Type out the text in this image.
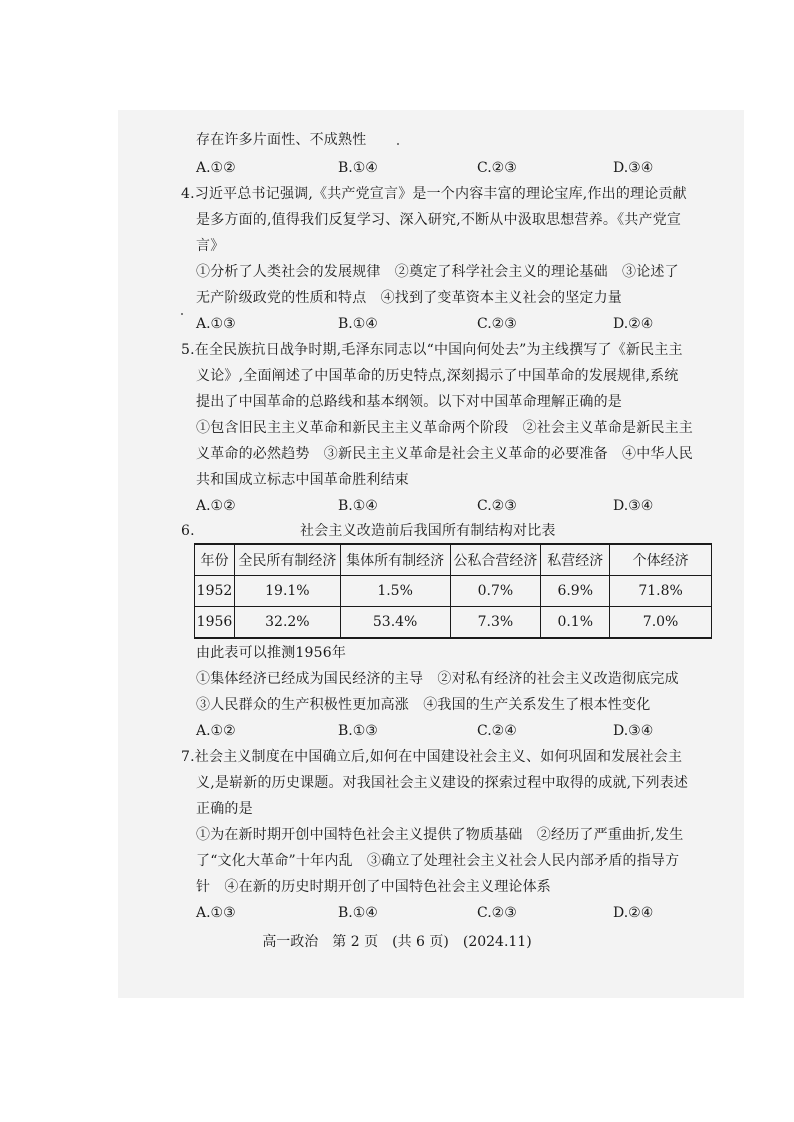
存在许多片面性、不成熟性
A.①②	B.①④	C.②③	D.③④
4.习近平总书记强调,《共产党宣言》是一个内容丰富的理论宝库,作出的理论贡献
是多方面的,值得我们反复学习、深入研究,不断从中汲取思想营养。《共产党宣
言》
①分析了人类社会的发展规律　②奠定了科学社会主义的理论基础　③论述了
无产阶级政党的性质和特点　④找到了变革资本主义社会的坚定力量
A.①③	B.①④	C.②③	D.②④
5.在全民族抗日战争时期,毛泽东同志以“中国向何处去”为主线撰写了《新民主主
义论》,全面阐述了中国革命的历史特点,深刻揭示了中国革命的发展规律,系统
提出了中国革命的总路线和基本纲领。以下对中国革命理解正确的是
①包含旧民主主义革命和新民主主义革命两个阶段　②社会主义革命是新民主主
义革命的必然趋势　③新民主主义革命是社会主义革命的必要准备　④中华人民
共和国成立标志中国革命胜利结束
A.①②	B.①④	C.②③	D.③④
6.	社会主义改造前后我国所有制结构对比表
年份	全民所有制经济	集体所有制经济	公私合营经济	私营经济	个体经济
1952	19.1%	1.5%	0.7%	6.9%	71.8%
1956	32.2%	53.4%	7.3%	0.1%	7.0%
由此表可以推测1956年
①集体经济已经成为国民经济的主导　②对私有经济的社会主义改造彻底完成
③人民群众的生产积极性更加高涨　④我国的生产关系发生了根本性变化
A.①②	B.①③	C.②④	D.③④
7.社会主义制度在中国确立后,如何在中国建设社会主义、如何巩固和发展社会主
义,是崭新的历史课题。对我国社会主义建设的探索过程中取得的成就,下列表述
正确的是
①为在新时期开创中国特色社会主义提供了物质基础　②经历了严重曲折,发生
了“文化大革命”十年内乱　③确立了处理社会主义社会人民内部矛盾的指导方
针　④在新的历史时期开创了中国特色社会主义理论体系
A.①③	B.①④	C.②③	D.②④
高一政治　第 2 页　(共 6 页)　(2024.11)
